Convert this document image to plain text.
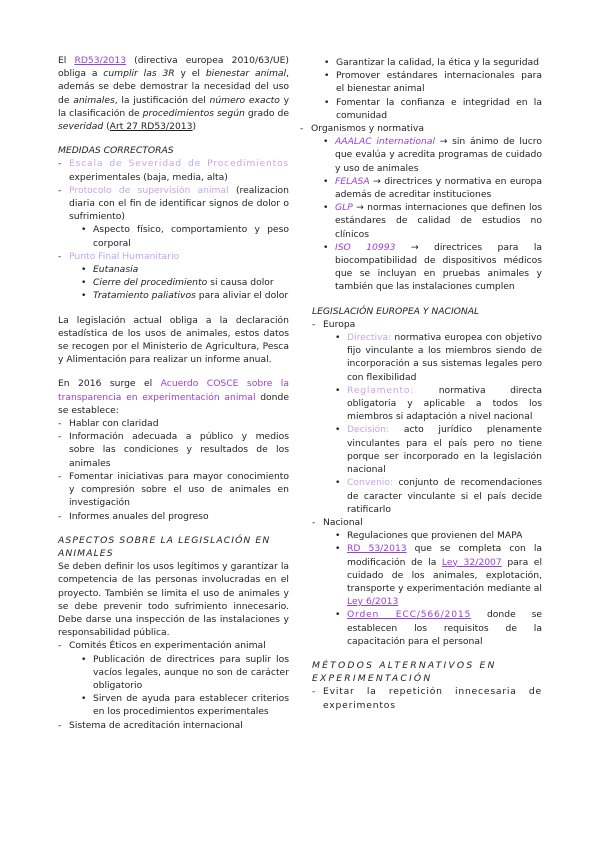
El RD53/2013 (directiva europea 2010/63/UE) obliga a cumplir las 3R y el bienestar animal, además se debe demostrar la necesidad del uso de animales, la justificación del número exacto y la clasificación de procedimientos según grado de severidad (Art 27 RD53/2013)

MEDIDAS CORRECTORAS
- Escala de Severidad de Procedimientos experimentales (baja, media, alta)
- Protocolo de supervisión animal (realizacion diaria con el fin de identificar signos de dolor o sufrimiento)
• Aspecto físico, comportamiento y peso corporal
- Punto Final Humanitario
• Eutanasia
• Cierre del procedimiento si causa dolor
• Tratamiento paliativos para aliviar el dolor

La legislación actual obliga a la declaración estadística de los usos de animales, estos datos se recogen por el Ministerio de Agricultura, Pesca y Alimentación para realizar un informe anual.

En 2016 surge el Acuerdo COSCE sobre la transparencia en experimentación animal donde se establece:

- Hablar con claridad
- Información adecuada a público y medios sobre las condiciones y resultados de los animales
- Fomentar iniciativas para mayor conocimiento y compresión sobre el uso de animales en investigación
- Informes anuales del progreso
ASPECTOS SOBRE LA LEGISLACIÓN EN ANIMALES

Se deben definir los usos legítimos y garantizar la competencia de las personas involucradas en el proyecto. También se limita el uso de animales y se debe prevenir todo sufrimiento innecesario. Debe darse una inspección de las instalaciones y responsabilidad pública.

- Comités Éticos en experimentación animal
• Publicación de directrices para suplir los vacíos legales, aunque no son de carácter obligatorio
• Sirven de ayuda para establecer criterios en los procedimientos experimentales
- Sistema de acreditación internacional
• Garantizar la calidad, la ética y la seguridad
• Promover estándares internacionales para el bienestar animal
• Fomentar la confianza e integridad en la comunidad
- Organismos y normativa
• AAALAC international → sin ánimo de lucro que evalúa y acredita programas de cuidado y uso de animales
• FELASA → directrices y normativa en europa además de acreditar instituciones
• GLP → normas internaciones que definen los estándares de calidad de estudios no clínicos
• ISO 10993 → directrices para la biocompatibilidad de dispositivos médicos que se incluyan en pruebas animales y también que las instalaciones cumplen
LEGISLACIÓN EUROPEA Y NACIONAL
- Europa
• Directiva: normativa europea con objetivo fijo vinculante a los miembros siendo de incorporación a sus sistemas legales pero con flexibilidad
• Reglamento: normativa directa obligatoria y aplicable a todos los miembros si adaptación a nivel nacional
• Decisión: acto jurídico plenamente vinculantes para el país pero no tiene porque ser incorporado en la legislación nacional
• Convenio: conjunto de recomendaciones de caracter vinculante si el país decide ratificarlo
- Nacional
• Regulaciones que provienen del MAPA
• RD 53/2013 que se completa con la modificación de la Ley 32/2007 para el cuidado de los animales, explotación, transporte y experimentación mediante al Ley 6/2013
• Orden ECC/566/2015 donde se establecen los requisitos de la capacitación para el personal
MÉTODOS ALTERNATIVOS EN EXPERIMENTACIÓN
- Evitar la repetición innecesaria de experimentos
